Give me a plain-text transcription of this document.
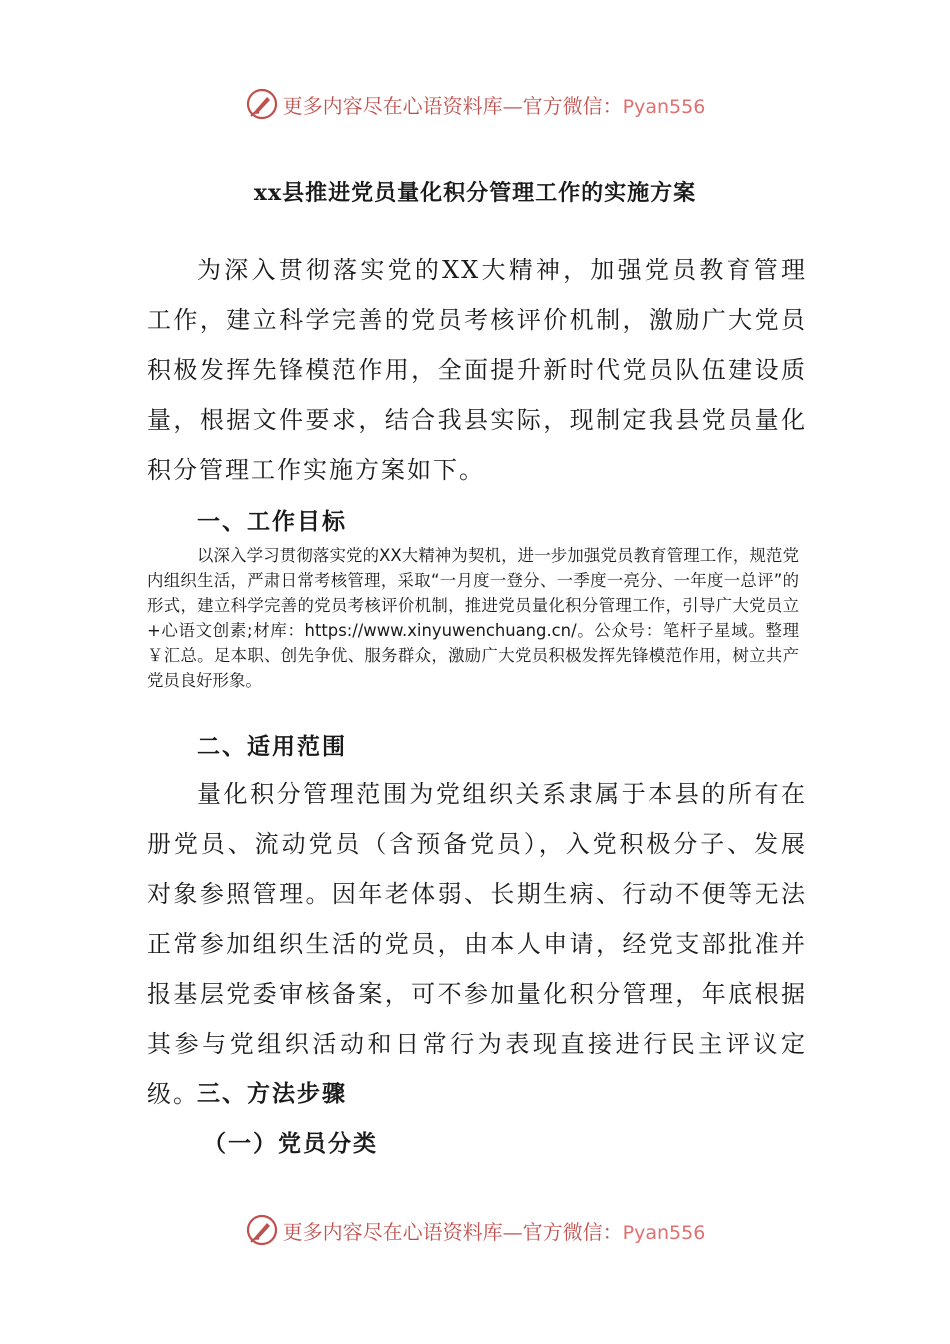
更多内容尽在心语资料库—官方微信：Pyan556
xx县推进党员量化积分管理工作的实施方案

为深入贯彻落实党的XX大精神，加强党员教育管理工作，建立科学完善的党员考核评价机制，激励广大党员积极发挥先锋模范作用，全面提升新时代党员队伍建设质量，根据文件要求，结合我县实际，现制定我县党员量化积分管理工作实施方案如下。

一、工作目标

以深入学习贯彻落实党的XX大精神为契机，进一步加强党员教育管理工作，规范党内组织生活，严肃日常考核管理，采取“一月度一登分、一季度一亮分、一年度一总评”的形式，建立科学完善的党员考核评价机制，推进党员量化积分管理工作，引导广大党员立+心语文创素;材库：https://www.xinyuwenchuang.cn/。公众号：笔杆子星域。整理￥汇总。足本职、创先争优、服务群众，激励广大党员积极发挥先锋模范作用，树立共产党员良好形象。

二、适用范围

量化积分管理范围为党组织关系隶属于本县的所有在册党员、流动党员（含预备党员），入党积极分子、发展对象参照管理。因年老体弱、长期生病、行动不便等无法正常参加组织生活的党员，由本人申请，经党支部批准并报基层党委审核备案，可不参加量化积分管理，年底根据其参与党组织活动和日常行为表现直接进行民主评议定级。

三、方法步骤
（一）党员分类
更多内容尽在心语资料库—官方微信：Pyan556
